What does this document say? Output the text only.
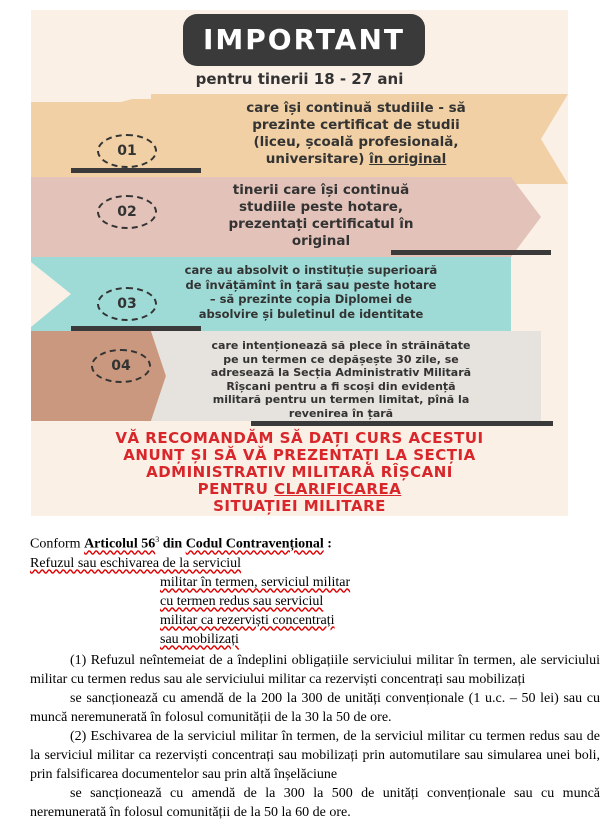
IMPORTANT
pentru tinerii 18 - 27 ani
01
care își continuă studiile - să
prezinte certificat de studii
(liceu, școală profesională,
universitare) în original
02
tinerii care își continuă
studiile peste hotare,
prezentați certificatul în
original
03
care au absolvit o instituție superioară
de învățămînt în țară sau peste hotare
– să prezinte copia Diplomei de
absolvire și buletinul de identitate
04
care intenționează să plece în străinătate
pe un termen ce depășește 30 zile, se
adresează la Secția Administrativ Militară
Rîșcani pentru a fi scoși din evidență
militară pentru un termen limitat, pînă la
revenirea în țară
VĂ RECOMANDĂM SĂ DAȚI CURS ACESTUI
ANUNȚ ȘI SĂ VĂ PREZENTAȚI LA SECȚIA
ADMINISTRATIV MILITARĂ RÎȘCANI
PENTRU CLARIFICAREA
SITUAȚIEI MILITARE

Conform Articolul $56^3$ din Codul Contravențional :

Refuzul sau eschivarea de la serviciul

militar în termen, serviciul militar

cu termen redus sau serviciul

militar ca rezerviști concentrați

sau mobilizați

(1) Refuzul neîntemeiat de a îndeplini obligațiile serviciului militar în termen, ale serviciului militar cu termen redus sau ale serviciului militar ca rezerviști concentrați sau mobilizați

se sancționează cu amendă de la 200 la 300 de unități convenționale (1 u.c. – 50 lei) sau cu muncă neremunerată în folosul comunității de la 30 la 50 de ore.

(2) Eschivarea de la serviciul militar în termen, de la serviciul militar cu termen redus sau de la serviciul militar ca rezerviști concentrați sau mobilizați prin automutilare sau simularea unei boli, prin falsificarea documentelor sau prin altă înșelăciune

se sancționează cu amendă de la 300 la 500 de unități convenționale sau cu muncă neremunerată în folosul comunității de la 50 la 60 de ore.
